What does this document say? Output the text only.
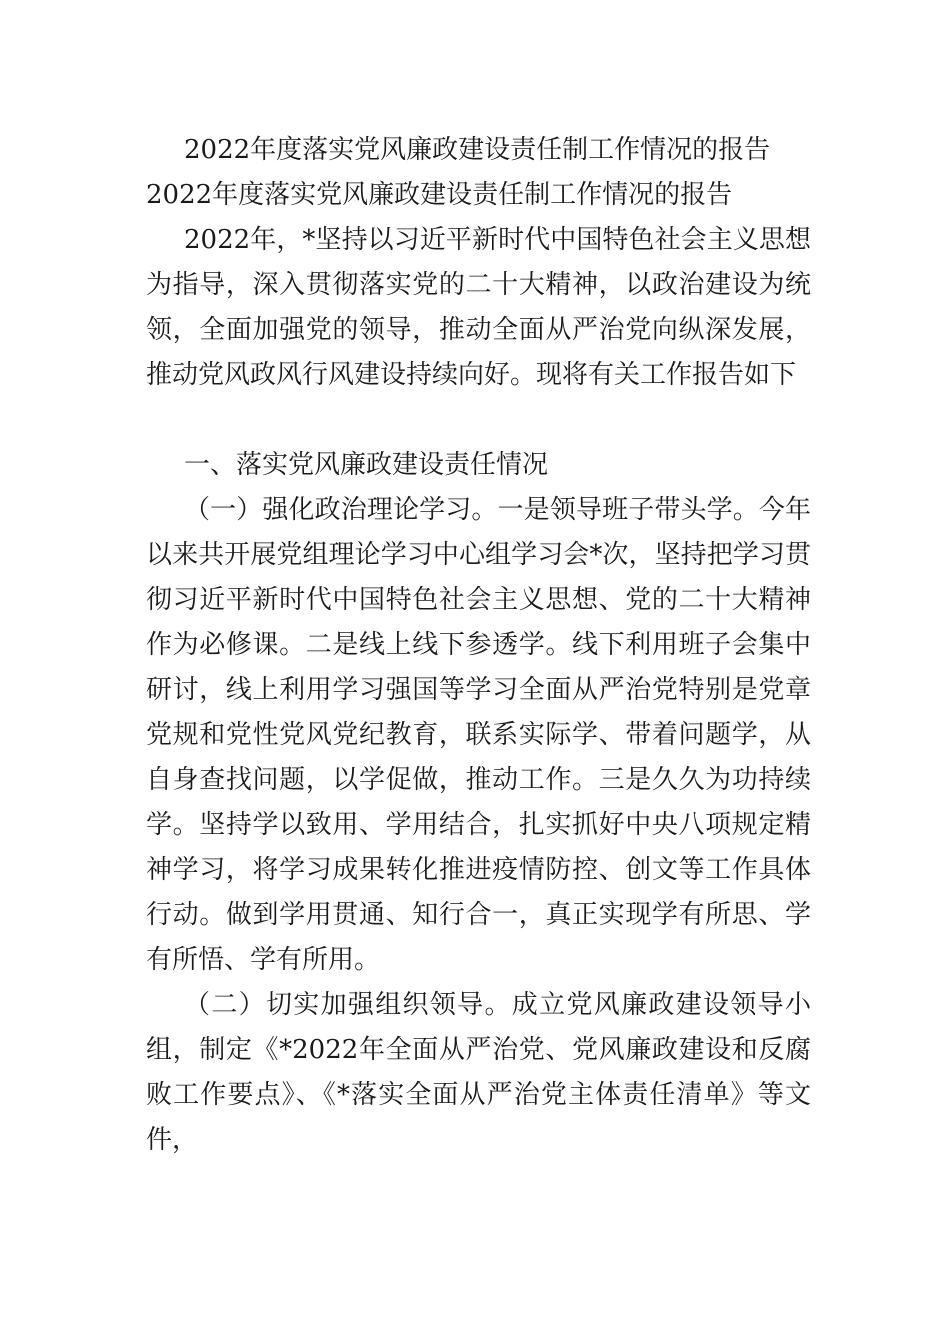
2022年度落实党风廉政建设责任制工作情况的报告
2022年度落实党风廉政建设责任制工作情况的报告

2022年，*坚持以习近平新时代中国特色社会主义思想为指导，深入贯彻落实党的二十大精神，以政治建设为统领，全面加强党的领导，推动全面从严治党向纵深发展，推动党风政风行风建设持续向好。现将有关工作报告如下

一、落实党风廉政建设责任情况

（一）强化政治理论学习。一是领导班子带头学。今年以来共开展党组理论学习中心组学习会*次，坚持把学习贯彻习近平新时代中国特色社会主义思想、党的二十大精神作为必修课。二是线上线下参透学。线下利用班子会集中研讨，线上利用学习强国等学习全面从严治党特别是党章党规和党性党风党纪教育，联系实际学、带着问题学，从自身查找问题，以学促做，推动工作。三是久久为功持续学。坚持学以致用、学用结合，扎实抓好中央八项规定精神学习，将学习成果转化推进疫情防控、创文等工作具体行动。做到学用贯通、知行合一，真正实现学有所思、学有所悟、学有所用。

（二）切实加强组织领导。成立党风廉政建设领导小组，制定《*2022年全面从严治党、党风廉政建设和反腐败工作要点》、《*落实全面从严治党主体责任清单》等文件，
